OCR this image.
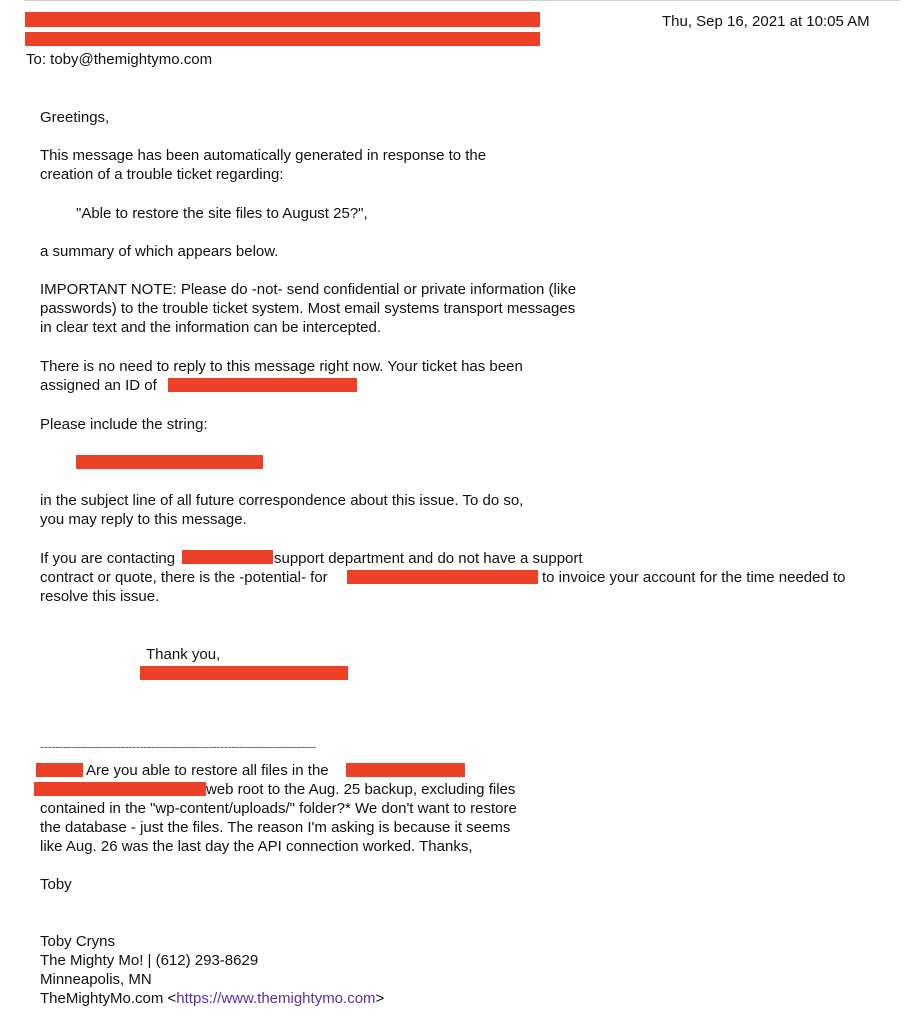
Thu, Sep 16, 2021 at 10:05 AM
To: toby@themightymo.com
Greetings,
This message has been automatically generated in response to the
creation of a trouble ticket regarding:
"Able to restore the site files to August 25?",
a summary of which appears below.
IMPORTANT NOTE: Please do -not- send confidential or private information (like
passwords) to the trouble ticket system. Most email systems transport messages
in clear text and the information can be intercepted.
There is no need to reply to this message right now. Your ticket has been
assigned an ID of
Please include the string:
in the subject line of all future correspondence about this issue. To do so,
you may reply to this message.
If you are contacting	support department and do not have a support
contract or quote, there is the -potential- for	to invoice your account for the time needed to
resolve this issue.
Thank you,
------------------------------------------------------------------------
Are you able to restore all files in the
web root to the Aug. 25 backup, excluding files
contained in the "wp-content/uploads/" folder?* We don't want to restore
the database - just the files. The reason I'm asking is because it seems
like Aug. 26 was the last day the API connection worked. Thanks,
Toby
Toby Cryns
The Mighty Mo! | (612) 293-8629
Minneapolis, MN
TheMightyMo.com <https://www.themightymo.com>
